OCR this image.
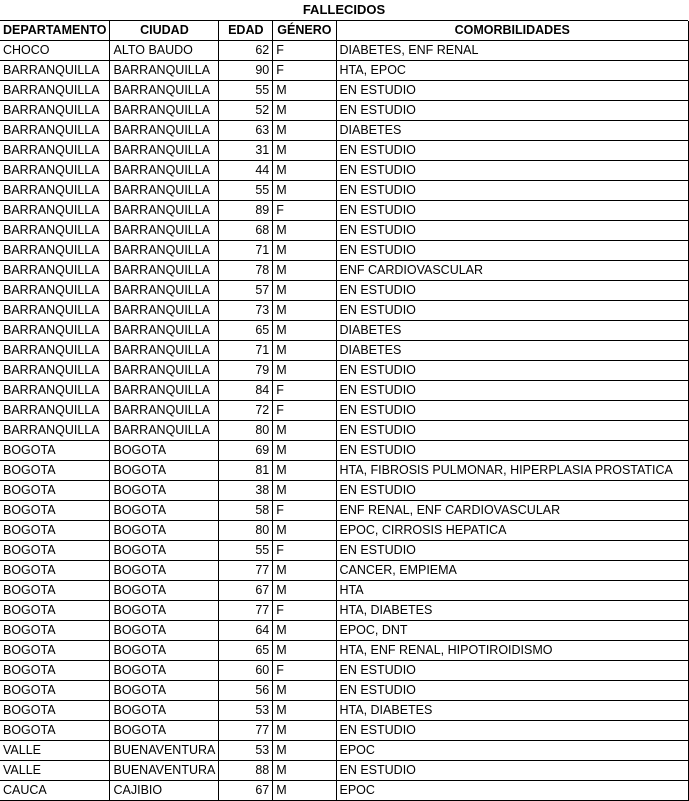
FALLECIDOS
DEPARTAMENTO	CIUDAD	EDAD	GÉNERO	COMORBILIDADES
CHOCO	ALTO BAUDO	62	F	DIABETES, ENF RENAL
BARRANQUILLA	BARRANQUILLA	90	F	HTA, EPOC
BARRANQUILLA	BARRANQUILLA	55	M	EN ESTUDIO
BARRANQUILLA	BARRANQUILLA	52	M	EN ESTUDIO
BARRANQUILLA	BARRANQUILLA	63	M	DIABETES
BARRANQUILLA	BARRANQUILLA	31	M	EN ESTUDIO
BARRANQUILLA	BARRANQUILLA	44	M	EN ESTUDIO
BARRANQUILLA	BARRANQUILLA	55	M	EN ESTUDIO
BARRANQUILLA	BARRANQUILLA	89	F	EN ESTUDIO
BARRANQUILLA	BARRANQUILLA	68	M	EN ESTUDIO
BARRANQUILLA	BARRANQUILLA	71	M	EN ESTUDIO
BARRANQUILLA	BARRANQUILLA	78	M	ENF CARDIOVASCULAR
BARRANQUILLA	BARRANQUILLA	57	M	EN ESTUDIO
BARRANQUILLA	BARRANQUILLA	73	M	EN ESTUDIO
BARRANQUILLA	BARRANQUILLA	65	M	DIABETES
BARRANQUILLA	BARRANQUILLA	71	M	DIABETES
BARRANQUILLA	BARRANQUILLA	79	M	EN ESTUDIO
BARRANQUILLA	BARRANQUILLA	84	F	EN ESTUDIO
BARRANQUILLA	BARRANQUILLA	72	F	EN ESTUDIO
BARRANQUILLA	BARRANQUILLA	80	M	EN ESTUDIO
BOGOTA	BOGOTA	69	M	EN ESTUDIO
BOGOTA	BOGOTA	81	M	HTA, FIBROSIS PULMONAR, HIPERPLASIA PROSTATICA
BOGOTA	BOGOTA	38	M	EN ESTUDIO
BOGOTA	BOGOTA	58	F	ENF RENAL, ENF CARDIOVASCULAR
BOGOTA	BOGOTA	80	M	EPOC, CIRROSIS HEPATICA
BOGOTA	BOGOTA	55	F	EN ESTUDIO
BOGOTA	BOGOTA	77	M	CANCER, EMPIEMA
BOGOTA	BOGOTA	67	M	HTA
BOGOTA	BOGOTA	77	F	HTA, DIABETES
BOGOTA	BOGOTA	64	M	EPOC, DNT
BOGOTA	BOGOTA	65	M	HTA, ENF RENAL, HIPOTIROIDISMO
BOGOTA	BOGOTA	60	F	EN ESTUDIO
BOGOTA	BOGOTA	56	M	EN ESTUDIO
BOGOTA	BOGOTA	53	M	HTA, DIABETES
BOGOTA	BOGOTA	77	M	EN ESTUDIO
VALLE	BUENAVENTURA	53	M	EPOC
VALLE	BUENAVENTURA	88	M	EN ESTUDIO
CAUCA	CAJIBIO	67	M	EPOC
